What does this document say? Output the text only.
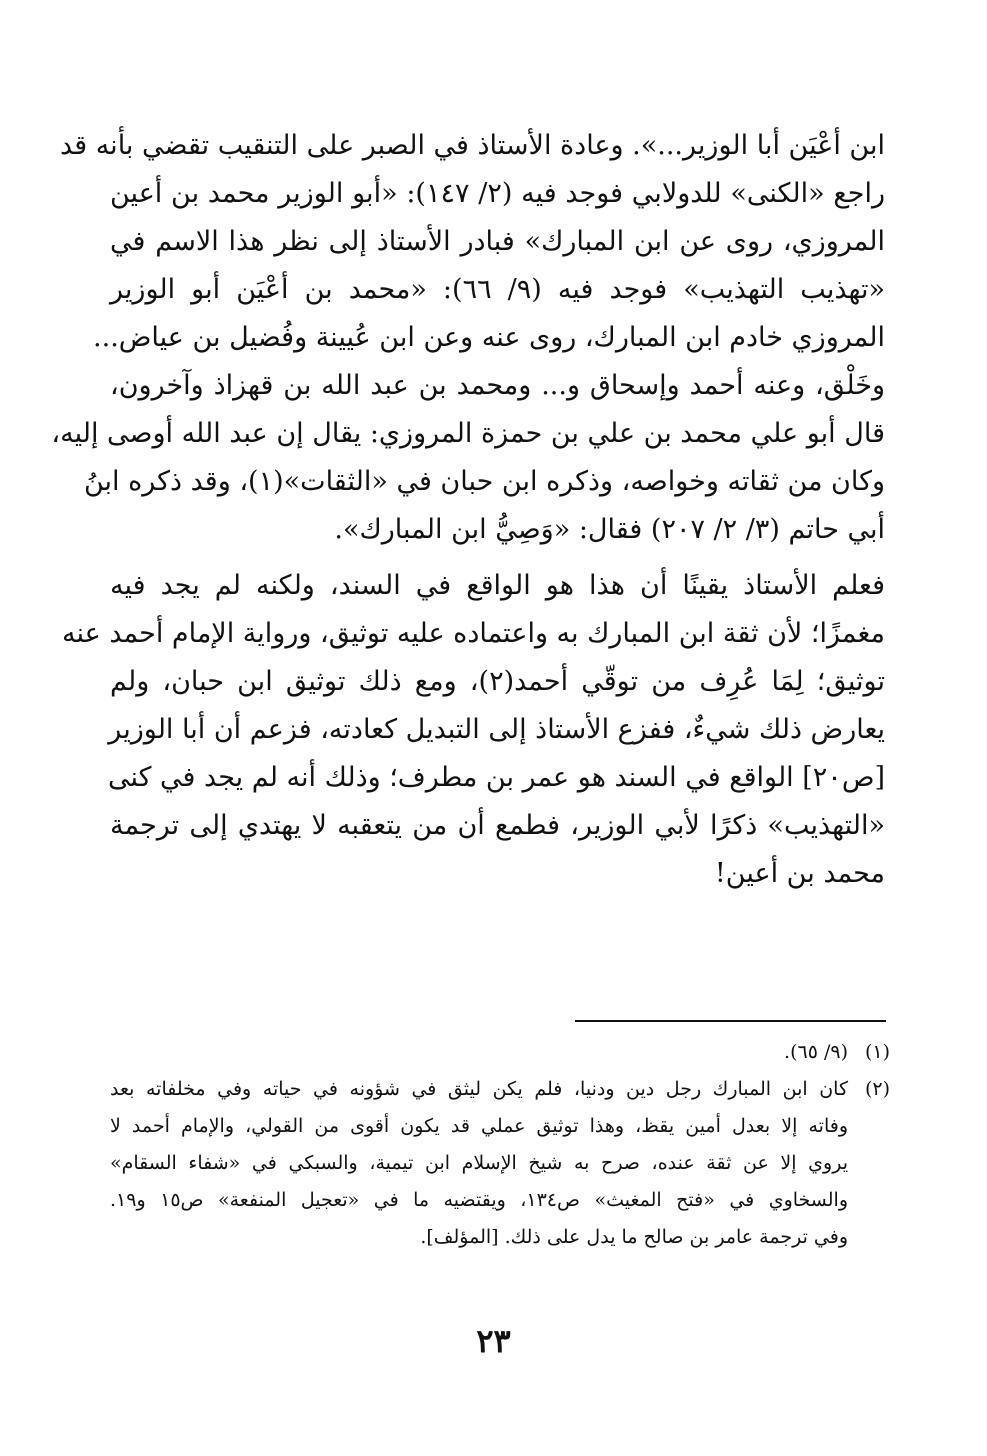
ابن أعْيَن أبا الوزير...». وعادة الأستاذ في الصبر على التنقيب تقضي بأنه قد
راجع «الكنى» للدولابي فوجد فيه (٢/ ١٤٧): «أبو الوزير محمد بن أعين
المروزي، روى عن ابن المبارك» فبادر الأستاذ إلى نظر هذا الاسم في
«تهذيب التهذيب» فوجد فيه (٩/ ٦٦): «محمد بن أعْيَن أبو الوزير
المروزي خادم ابن المبارك، روى عنه وعن ابن عُيينة وفُضيل بن عياض...
وخَلْق، وعنه أحمد وإسحاق و... ومحمد بن عبد الله بن قهزاذ وآخرون،
قال أبو علي محمد بن علي بن حمزة المروزي: يقال إن عبد الله أوصى إليه،
وكان من ثقاته وخواصه، وذكره ابن حبان في «الثقات»(١)، وقد ذكره ابنُ
أبي حاتم (٣/ ٢/ ٢٠٧) فقال: «وَصِيُّ ابن المبارك».
فعلم الأستاذ يقينًا أن هذا هو الواقع في السند، ولكنه لم يجد فيه
مغمزًا؛ لأن ثقة ابن المبارك به واعتماده عليه توثيق، ورواية الإمام أحمد عنه
توثيق؛ لِمَا عُرِف من توقّي أحمد(٢)، ومع ذلك توثيق ابن حبان، ولم
يعارض ذلك شيءٌ، ففزع الأستاذ إلى التبديل كعادته، فزعم أن أبا الوزير
[ص٢٠] الواقع في السند هو عمر بن مطرف؛ وذلك أنه لم يجد في كنى
«التهذيب» ذكرًا لأبي الوزير، فطمع أن من يتعقبه لا يهتدي إلى ترجمة
محمد بن أعين!
(١)
(٩/ ٦٥).
(٢)
كان ابن المبارك رجل دين ودنيا، فلم يكن ليثق في شؤونه في حياته وفي مخلفاته بعد
وفاته إلا بعدل أمين يقظ، وهذا توثيق عملي قد يكون أقوى من القولي، والإمام أحمد لا
يروي إلا عن ثقة عنده، صرح به شيخ الإسلام ابن تيمية، والسبكي في «شفاء السقام»
والسخاوي في «فتح المغيث» ص١٣٤، ويقتضيه ما في «تعجيل المنفعة» ص١٥ و١٩.
وفي ترجمة عامر بن صالح ما يدل على ذلك. [المؤلف].
٢٣
